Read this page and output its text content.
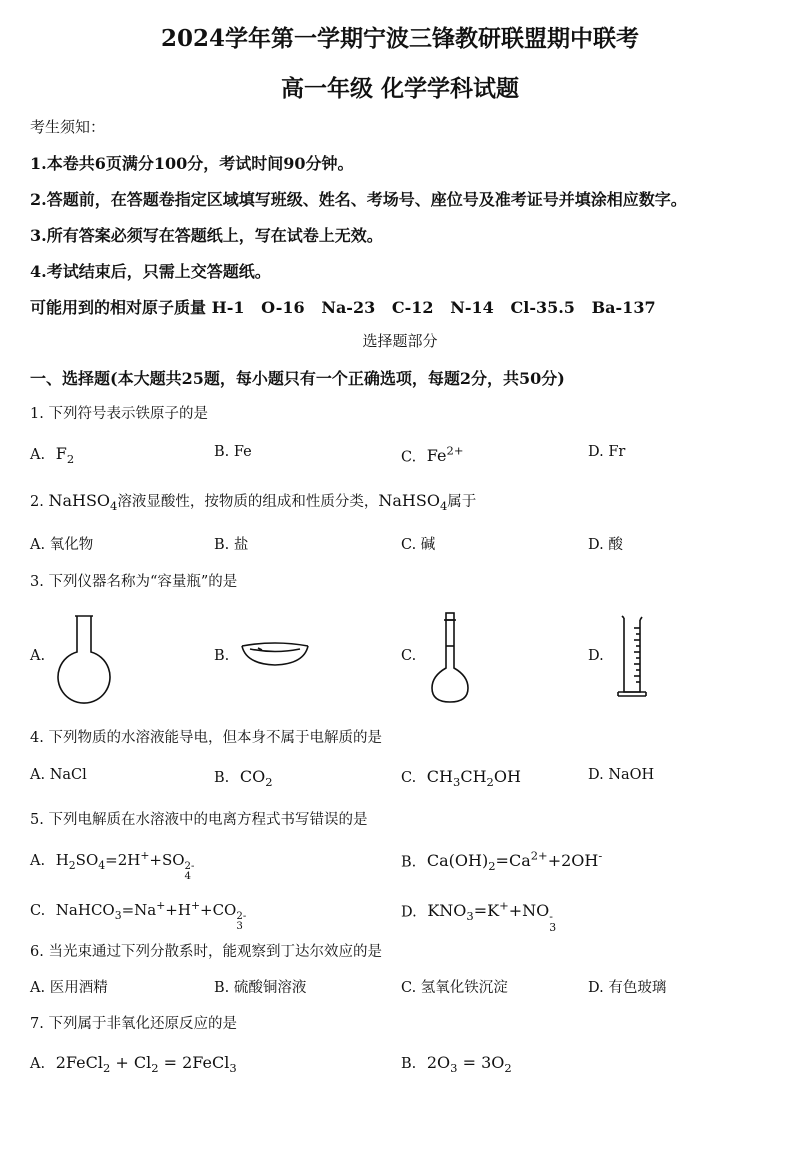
2024学年第一学期宁波三锋教研联盟期中联考
高一年级 化学学科试题
考生须知：
1.本卷共6页满分100分，考试时间90分钟。
2.答题前，在答题卷指定区域填写班级、姓名、考场号、座位号及准考证号并填涂相应数字。
3.所有答案必须写在答题纸上，写在试卷上无效。
4.考试结束后，只需上交答题纸。
可能用到的相对原子质量 H-1   O-16   Na-23   C-12   N-14   Cl-35.5   Ba-137
选择题部分
一、选择题(本大题共25题，每小题只有一个正确选项，每题2分，共50分)
1. 下列符号表示铁原子的是
A. $F_2$	B. Fe	C. $Fe^{2+}$	D. Fr
2. NaHSO$_4$溶液显酸性，按物质的组成和性质分类，NaHSO$_4$属于
A. 氧化物	B. 盐	C. 碱	D. 酸
3. 下列仪器名称为“容量瓶”的是
A.	B.	C.	D.
4. 下列物质的水溶液能导电，但本身不属于电解质的是
A. NaCl	B. $CO_2$	C. $CH_3CH_2OH$	D. NaOH
5. 下列电解质在水溶液中的电离方程式书写错误的是
A. $H_2SO_4=2H^++SO$ 2-
4
B. $Ca(OH)_2=Ca^{2+}+2OH^-$
C. NaHCO$_3$=Na++H++CO 2-
3
D. $KNO_3=K^++NO$ -
3
6. 当光束通过下列分散系时，能观察到丁达尔效应的是
A. 医用酒精	B. 硫酸铜溶液	C. 氢氧化铁沉淀	D. 有色玻璃
7. 下列属于非氧化还原反应的是
A. 2FeCl$_2$ + $Cl_2$ = 2FeCl$_3$	B. $2O_3 = 3O_2$
